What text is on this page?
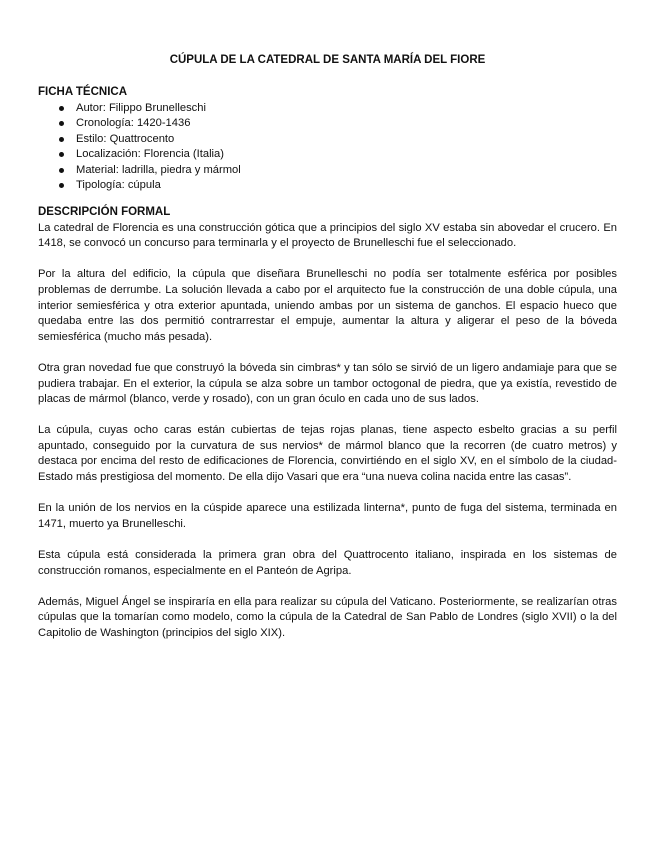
CÚPULA DE LA CATEDRAL DE SANTA MARÍA DEL FIORE
FICHA TÉCNICA
Autor: Filippo Brunelleschi
Cronología: 1420-1436
Estilo: Quattrocento
Localización: Florencia (Italia)
Material: ladrilla, piedra y mármol
Tipología: cúpula
DESCRIPCIÓN FORMAL

La catedral de Florencia es una construcción gótica que a principios del siglo XV estaba sin abovedar el crucero. En 1418, se convocó un concurso para terminarla y el proyecto de Brunelleschi fue el seleccionado.

Por la altura del edificio, la cúpula que diseñara Brunelleschi no podía ser totalmente esférica por posibles problemas de derrumbe. La solución llevada a cabo por el arquitecto fue la construcción de una doble cúpula, una interior semiesférica y otra exterior apuntada, uniendo ambas por un sistema de ganchos. El espacio hueco que quedaba entre las dos permitió contrarrestar el empuje, aumentar la altura y aligerar el peso de la bóveda semiesférica (mucho más pesada).

Otra gran novedad fue que construyó la bóveda sin cimbras* y tan sólo se sirvió de un ligero andamiaje para que se pudiera trabajar. En el exterior, la cúpula se alza sobre un tambor octogonal de piedra, que ya existía, revestido de placas de mármol (blanco, verde y rosado), con un gran óculo en cada uno de sus lados.

La cúpula, cuyas ocho caras están cubiertas de tejas rojas planas, tiene aspecto esbelto gracias a su perfil apuntado, conseguido por la curvatura de sus nervios* de mármol blanco que la recorren (de cuatro metros) y destaca por encima del resto de edificaciones de Florencia, convirtiéndo en el siglo XV, en el símbolo de la ciudad-Estado más prestigiosa del momento. De ella dijo Vasari que era “una nueva colina nacida entre las casas”.

En la unión de los nervios en la cúspide aparece una estilizada linterna*, punto de fuga del sistema, terminada en 1471, muerto ya Brunelleschi.

Esta cúpula está considerada la primera gran obra del Quattrocento italiano, inspirada en los sistemas de construcción romanos, especialmente en el Panteón de Agripa.

Además, Miguel Ángel se inspiraría en ella para realizar su cúpula del Vaticano. Posteriormente, se realizarían otras cúpulas que la tomarían como modelo, como la cúpula de la Catedral de San Pablo de Londres (siglo XVII) o la del Capitolio de Washington (principios del siglo XIX).
